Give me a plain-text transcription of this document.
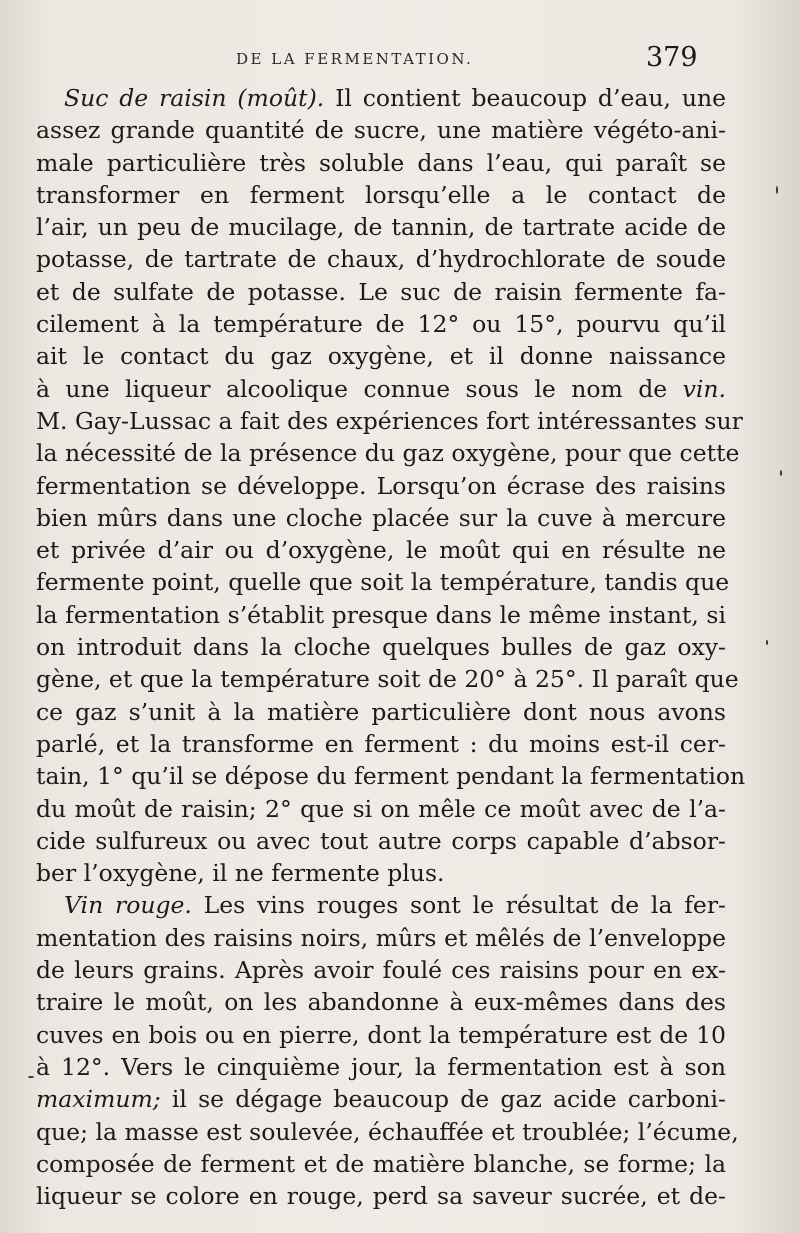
DE LA FERMENTATION.	379
Suc de raisin (moût). Il contient beaucoup d’eau, une
assez grande quantité de sucre, une matière végéto-ani-
male particulière très soluble dans l’eau, qui paraît se
transformer en ferment lorsqu’elle a le contact de
l’air, un peu de mucilage, de tannin, de tartrate acide de
potasse, de tartrate de chaux, d’hydrochlorate de soude
et de sulfate de potasse. Le suc de raisin fermente fa-
cilement à la température de 12° ou 15°, pourvu qu’il
ait le contact du gaz oxygène, et il donne naissance
à une liqueur alcoolique connue sous le nom de vin.
M. Gay-Lussac a fait des expériences fort intéressantes sur
la nécessité de la présence du gaz oxygène, pour que cette
fermentation se développe. Lorsqu’on écrase des raisins
bien mûrs dans une cloche placée sur la cuve à mercure
et privée d’air ou d’oxygène, le moût qui en résulte ne
fermente point, quelle que soit la température, tandis que
la fermentation s’établit presque dans le même instant, si
on introduit dans la cloche quelques bulles de gaz oxy-
gène, et que la température soit de 20° à 25°. Il paraît que
ce gaz s’unit à la matière particulière dont nous avons
parlé, et la transforme en ferment : du moins est-il cer-
tain, 1° qu’il se dépose du ferment pendant la fermentation
du moût de raisin; 2° que si on mêle ce moût avec de l’a-
cide sulfureux ou avec tout autre corps capable d’absor-
ber l’oxygène, il ne fermente plus.
Vin rouge. Les vins rouges sont le résultat de la fer-
mentation des raisins noirs, mûrs et mêlés de l’enveloppe
de leurs grains. Après avoir foulé ces raisins pour en ex-
traire le moût, on les abandonne à eux-mêmes dans des
cuves en bois ou en pierre, dont la température est de 10
à 12°. Vers le cinquième jour, la fermentation est à son
maximum; il se dégage beaucoup de gaz acide carboni-
que; la masse est soulevée, échauffée et troublée; l’écume,
composée de ferment et de matière blanche, se forme; la
liqueur se colore en rouge, perd sa saveur sucrée, et de-
